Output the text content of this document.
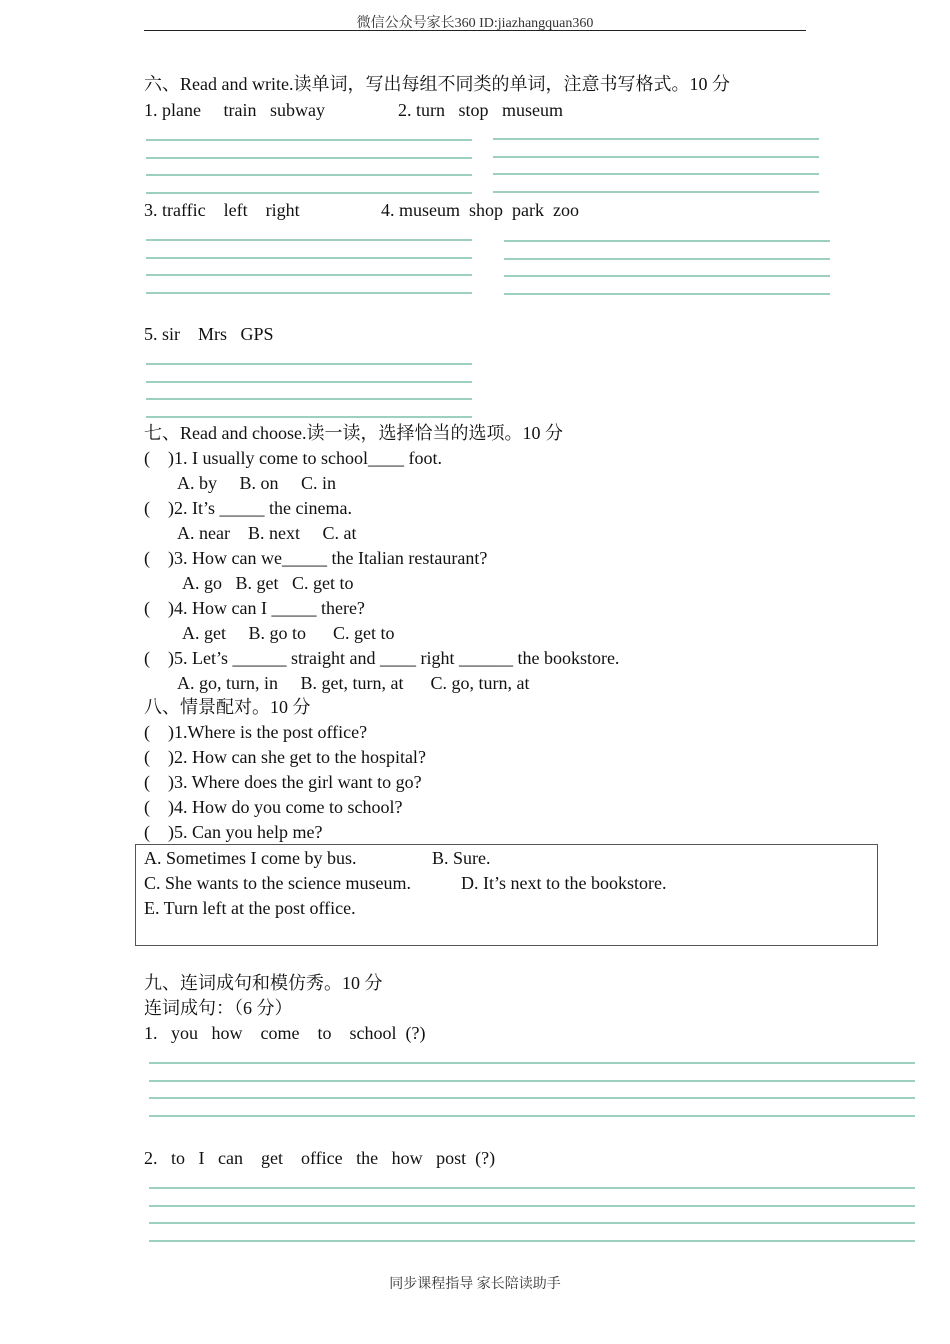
微信公众号家长360 ID:jiazhangquan360
六、Read and write.读单词，写出每组不同类的单词，注意书写格式。10 分
1. plane     train   subway	2. turn   stop   museum
3. traffic    left    right	4. museum  shop  park  zoo
5. sir    Mrs   GPS
七、Read and choose.读一读，选择恰当的选项。10 分
(    )1. I usually come to school____ foot.
A. by     B. on     C. in
(    )2. It’s _____ the cinema.
A. near    B. next     C. at
(    )3. How can we_____ the Italian restaurant?
A. go   B. get   C. get to
(    )4. How can I _____ there?
A. get     B. go to      C. get to
(    )5. Let’s ______ straight and ____ right ______ the bookstore.
A. go, turn, in     B. get, turn, at      C. go, turn, at
八、情景配对。10 分
(    )1.Where is the post office?
(    )2. How can she get to the hospital?
(    )3. Where does the girl want to go?
(    )4. How do you come to school?
(    )5. Can you help me?
A. Sometimes I come by bus.	B. Sure.
C. She wants to the science museum.	D. It’s next to the bookstore.
E. Turn left at the post office.
九、连词成句和模仿秀。10 分
连词成句：（6 分）
1.   you   how    come    to    school  (?)
2.   to   I   can    get    office   the   how   post  (?)
同步课程指导 家长陪读助手
